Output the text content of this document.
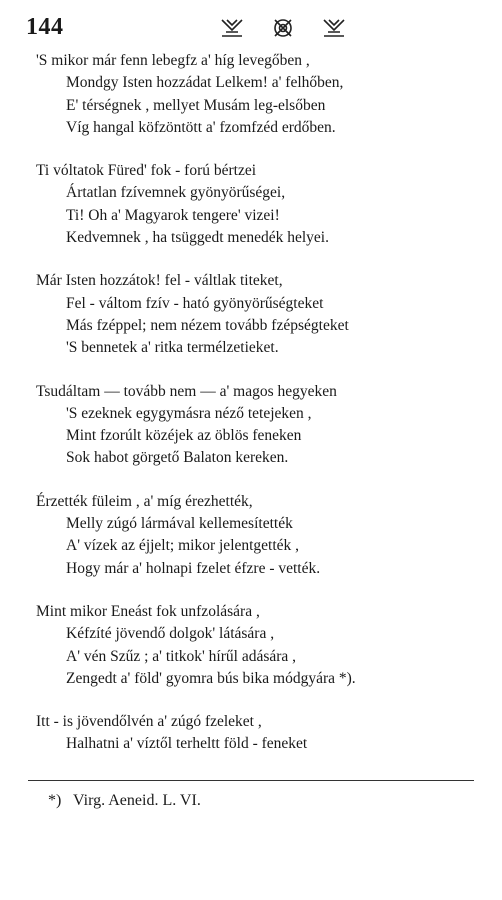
144
'S mikor már fenn lebegfz a' híg levegőben ,
Mondgy Isten hozzádat Lelkem! a' felhőben,
E' térségnek , mellyet Musám leg-elsőben
Víg hangal köfzöntött a' fzomfzéd erdőben.
Ti vóltatok Füred' fok - forú bértzei
Ártatlan fzívemnek gyönyörűségei,
Ti! Oh a' Magyarok tengere' vizei!
Kedvemnek , ha tsüggedt menedék helyei.
Már Isten hozzátok! fel - váltlak titeket,
Fel - váltom fzív - ható gyönyörűségteket
Más fzéppel; nem nézem tovább fzépségteket
'S bennetek a' ritka termélzetieket.
Tsudáltam — tovább nem — a' magos hegyeken
'S ezeknek egygymásra néző tetejeken ,
Mint fzorúlt közéjek az öblös feneken
Sok habot görgető Balaton kereken.
Érzették füleim , a' míg érezhették,
Melly zúgó lármával kellemesítették
A' vízek az éjjelt; mikor jelentgették ,
Hogy már a' holnapi fzelet éfzre - vették.
Mint mikor Eneást fok unfzolására ,
Kéfzíté jövendő dolgok' látására ,
A' vén Szűz ; a' titkok' hírűl adására ,
Zengedt a' föld' gyomra bús bika módgyára *).
Itt - is jövendőlvén a' zúgó fzeleket ,
Halhatni a' víztől terheltt föld - feneket
*) Virg. Aeneid. L. VI.
